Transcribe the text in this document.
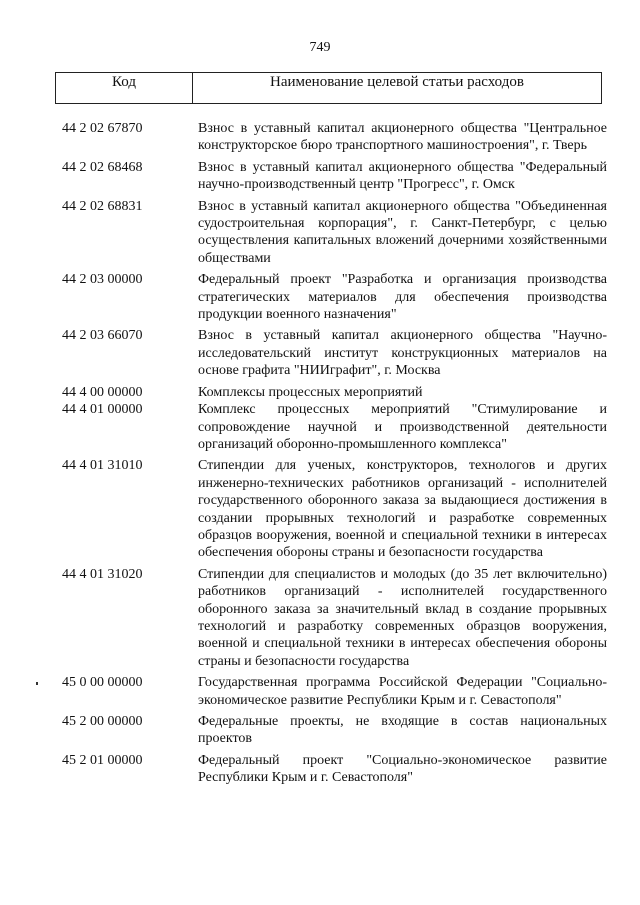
749
Код	Наименование целевой статьи расходов
44 2 02 67870	Взнос в уставный капитал акционерного общества "Центральное конструкторское бюро транспортного машиностроения", г. Тверь
44 2 02 68468	Взнос в уставный капитал акционерного общества "Федеральный научно-производственный центр "Прогресс", г. Омск
44 2 02 68831	Взнос в уставный капитал акционерного общества "Объединенная судостроительная корпорация", г. Санкт-Петербург, с целью осуществления капитальных вложений дочерними хозяйственными обществами
44 2 03 00000	Федеральный проект "Разработка и организация производства стратегических материалов для обеспечения производства продукции военного назначения"
44 2 03 66070	Взнос в уставный капитал акционерного общества "Научно-исследовательский институт конструкционных материалов на основе графита "НИИграфит", г. Москва
44 4 00 00000	Комплексы процессных мероприятий
44 4 01 00000	Комплекс процессных мероприятий "Стимулирование и сопровождение научной и производственной деятельности организаций оборонно-промышленного комплекса"
44 4 01 31010	Стипендии для ученых, конструкторов, технологов и других инженерно-технических работников организаций - исполнителей государственного оборонного заказа за выдающиеся достижения в создании прорывных технологий и разработке современных образцов вооружения, военной и специальной техники в интересах обеспечения обороны страны и безопасности государства
44 4 01 31020	Стипендии для специалистов и молодых (до 35 лет включительно) работников организаций - исполнителей государственного оборонного заказа за значительный вклад в создание прорывных технологий и разработку современных образцов вооружения, военной и специальной техники в интересах обеспечения обороны страны и безопасности государства
45 0 00 00000	Государственная программа Российской Федерации "Социально-экономическое развитие Республики Крым и г. Севастополя"
45 2 00 00000	Федеральные проекты, не входящие в состав национальных проектов
45 2 01 00000	Федеральный проект "Социально-экономическое развитие Республики Крым и г. Севастополя"
